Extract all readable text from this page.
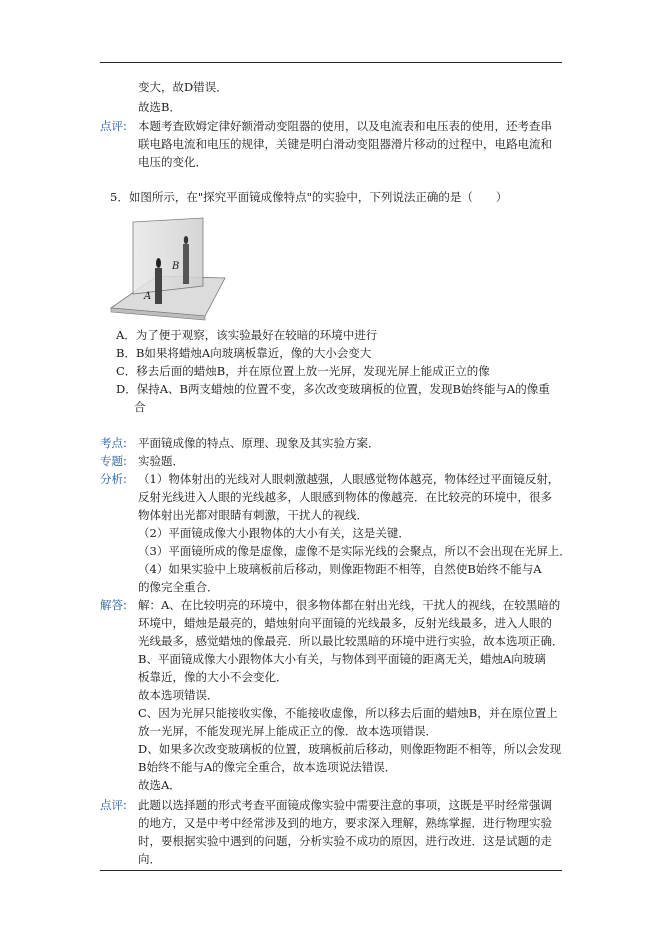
变大，故D错误．
故选B．
点评: 本题考查欧姆定律好额滑动变阻器的使用，以及电流表和电压表的使用，还考查串
联电路电流和电压的规律，关键是明白滑动变阻器滑片移动的过程中，电路电流和
电压的变化．
5．如图所示，在"探究平面镜成像特点"的实验中，下列说法正确的是（　　）
B
A
A．为了便于观察，该实验最好在较暗的环境中进行
B．B如果将蜡烛A向玻璃板靠近，像的大小会变大
C．移去后面的蜡烛B，并在原位置上放一光屏，发现光屏上能成正立的像
D．保持A、B两支蜡烛的位置不变，多次改变玻璃板的位置，发现B始终能与A的像重
合
考点: 平面镜成像的特点、原理、现象及其实验方案．
专题: 实验题．
分析: （1）物体射出的光线对人眼刺激越强，人眼感觉物体越亮，物体经过平面镜反射，
反射光线进入人眼的光线越多，人眼感到物体的像越亮．在比较亮的环境中，很多
物体射出光都对眼睛有刺激，干扰人的视线．
（2）平面镜成像大小跟物体的大小有关，这是关键．
（3）平面镜所成的像是虚像，虚像不是实际光线的会聚点，所以不会出现在光屏上．
（4）如果实验中上玻璃板前后移动，则像距物距不相等，自然使B始终不能与A
的像完全重合．
解答: 解：A、在比较明亮的环境中，很多物体都在射出光线，干扰人的视线，在较黑暗的
环境中，蜡烛是最亮的，蜡烛射向平面镜的光线最多，反射光线最多，进入人眼的
光线最多，感觉蜡烛的像最亮．所以最比较黑暗的环境中进行实验，故本选项正确．
B、平面镜成像大小跟物体大小有关，与物体到平面镜的距离无关，蜡烛A向玻璃
板靠近，像的大小不会变化．
故本选项错误．
C、因为光屏只能接收实像，不能接收虚像，所以移去后面的蜡烛B，并在原位置上
放一光屏，不能发现光屏上能成正立的像．故本选项错误．
D、如果多次改变玻璃板的位置，玻璃板前后移动，则像距物距不相等，所以会发现
B始终不能与A的像完全重合，故本选项说法错误．
故选A．
点评: 此题以选择题的形式考查平面镜成像实验中需要注意的事项，这既是平时经常强调
的地方，又是中考中经常涉及到的地方，要求深入理解，熟练掌握．进行物理实验
时，要根据实验中遇到的问题，分析实验不成功的原因，进行改进．这是试题的走
向．
